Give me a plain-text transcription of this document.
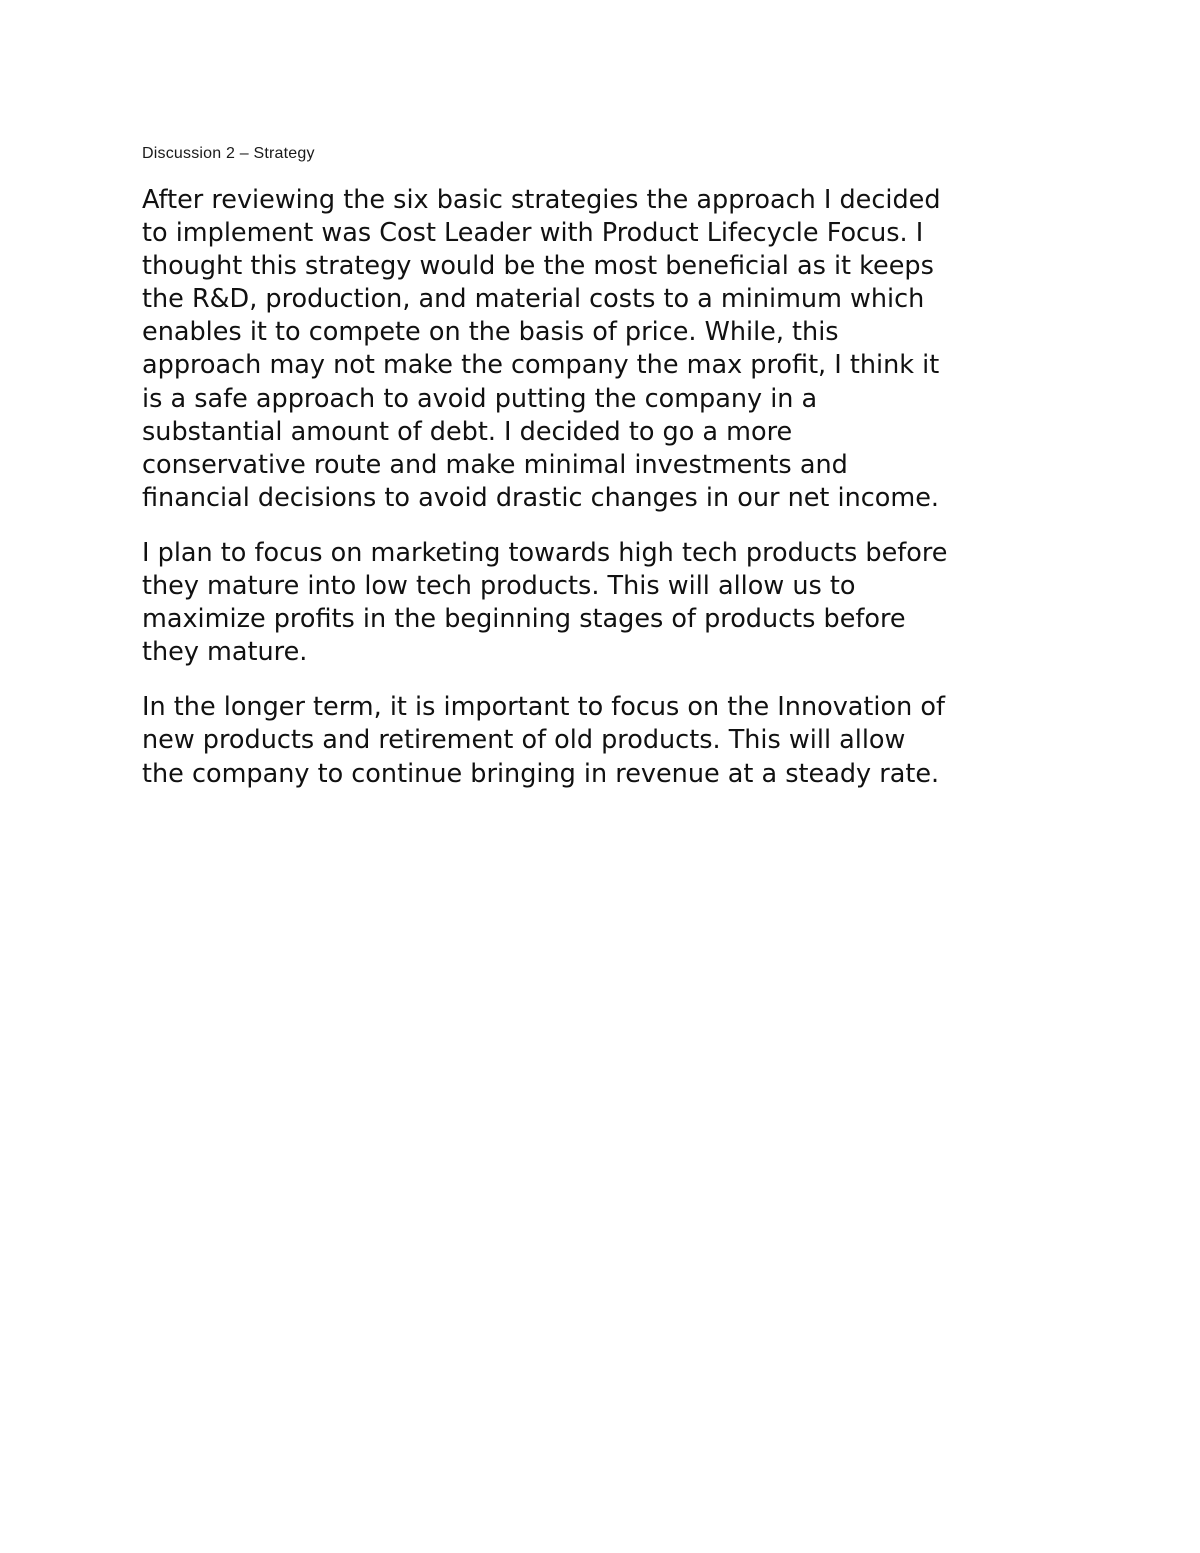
Discussion 2 – Strategy

After reviewing the six basic strategies the approach I decided
to implement was Cost Leader with Product Lifecycle Focus. I
thought this strategy would be the most beneficial as it keeps
the R&D, production, and material costs to a minimum which
enables it to compete on the basis of price. While, this
approach may not make the company the max profit, I think it
is a safe approach to avoid putting the company in a
substantial amount of debt. I decided to go a more
conservative route and make minimal investments and
financial decisions to avoid drastic changes in our net income.

I plan to focus on marketing towards high tech products before
they mature into low tech products. This will allow us to
maximize profits in the beginning stages of products before
they mature.

In the longer term, it is important to focus on the Innovation of
new products and retirement of old products. This will allow
the company to continue bringing in revenue at a steady rate.
